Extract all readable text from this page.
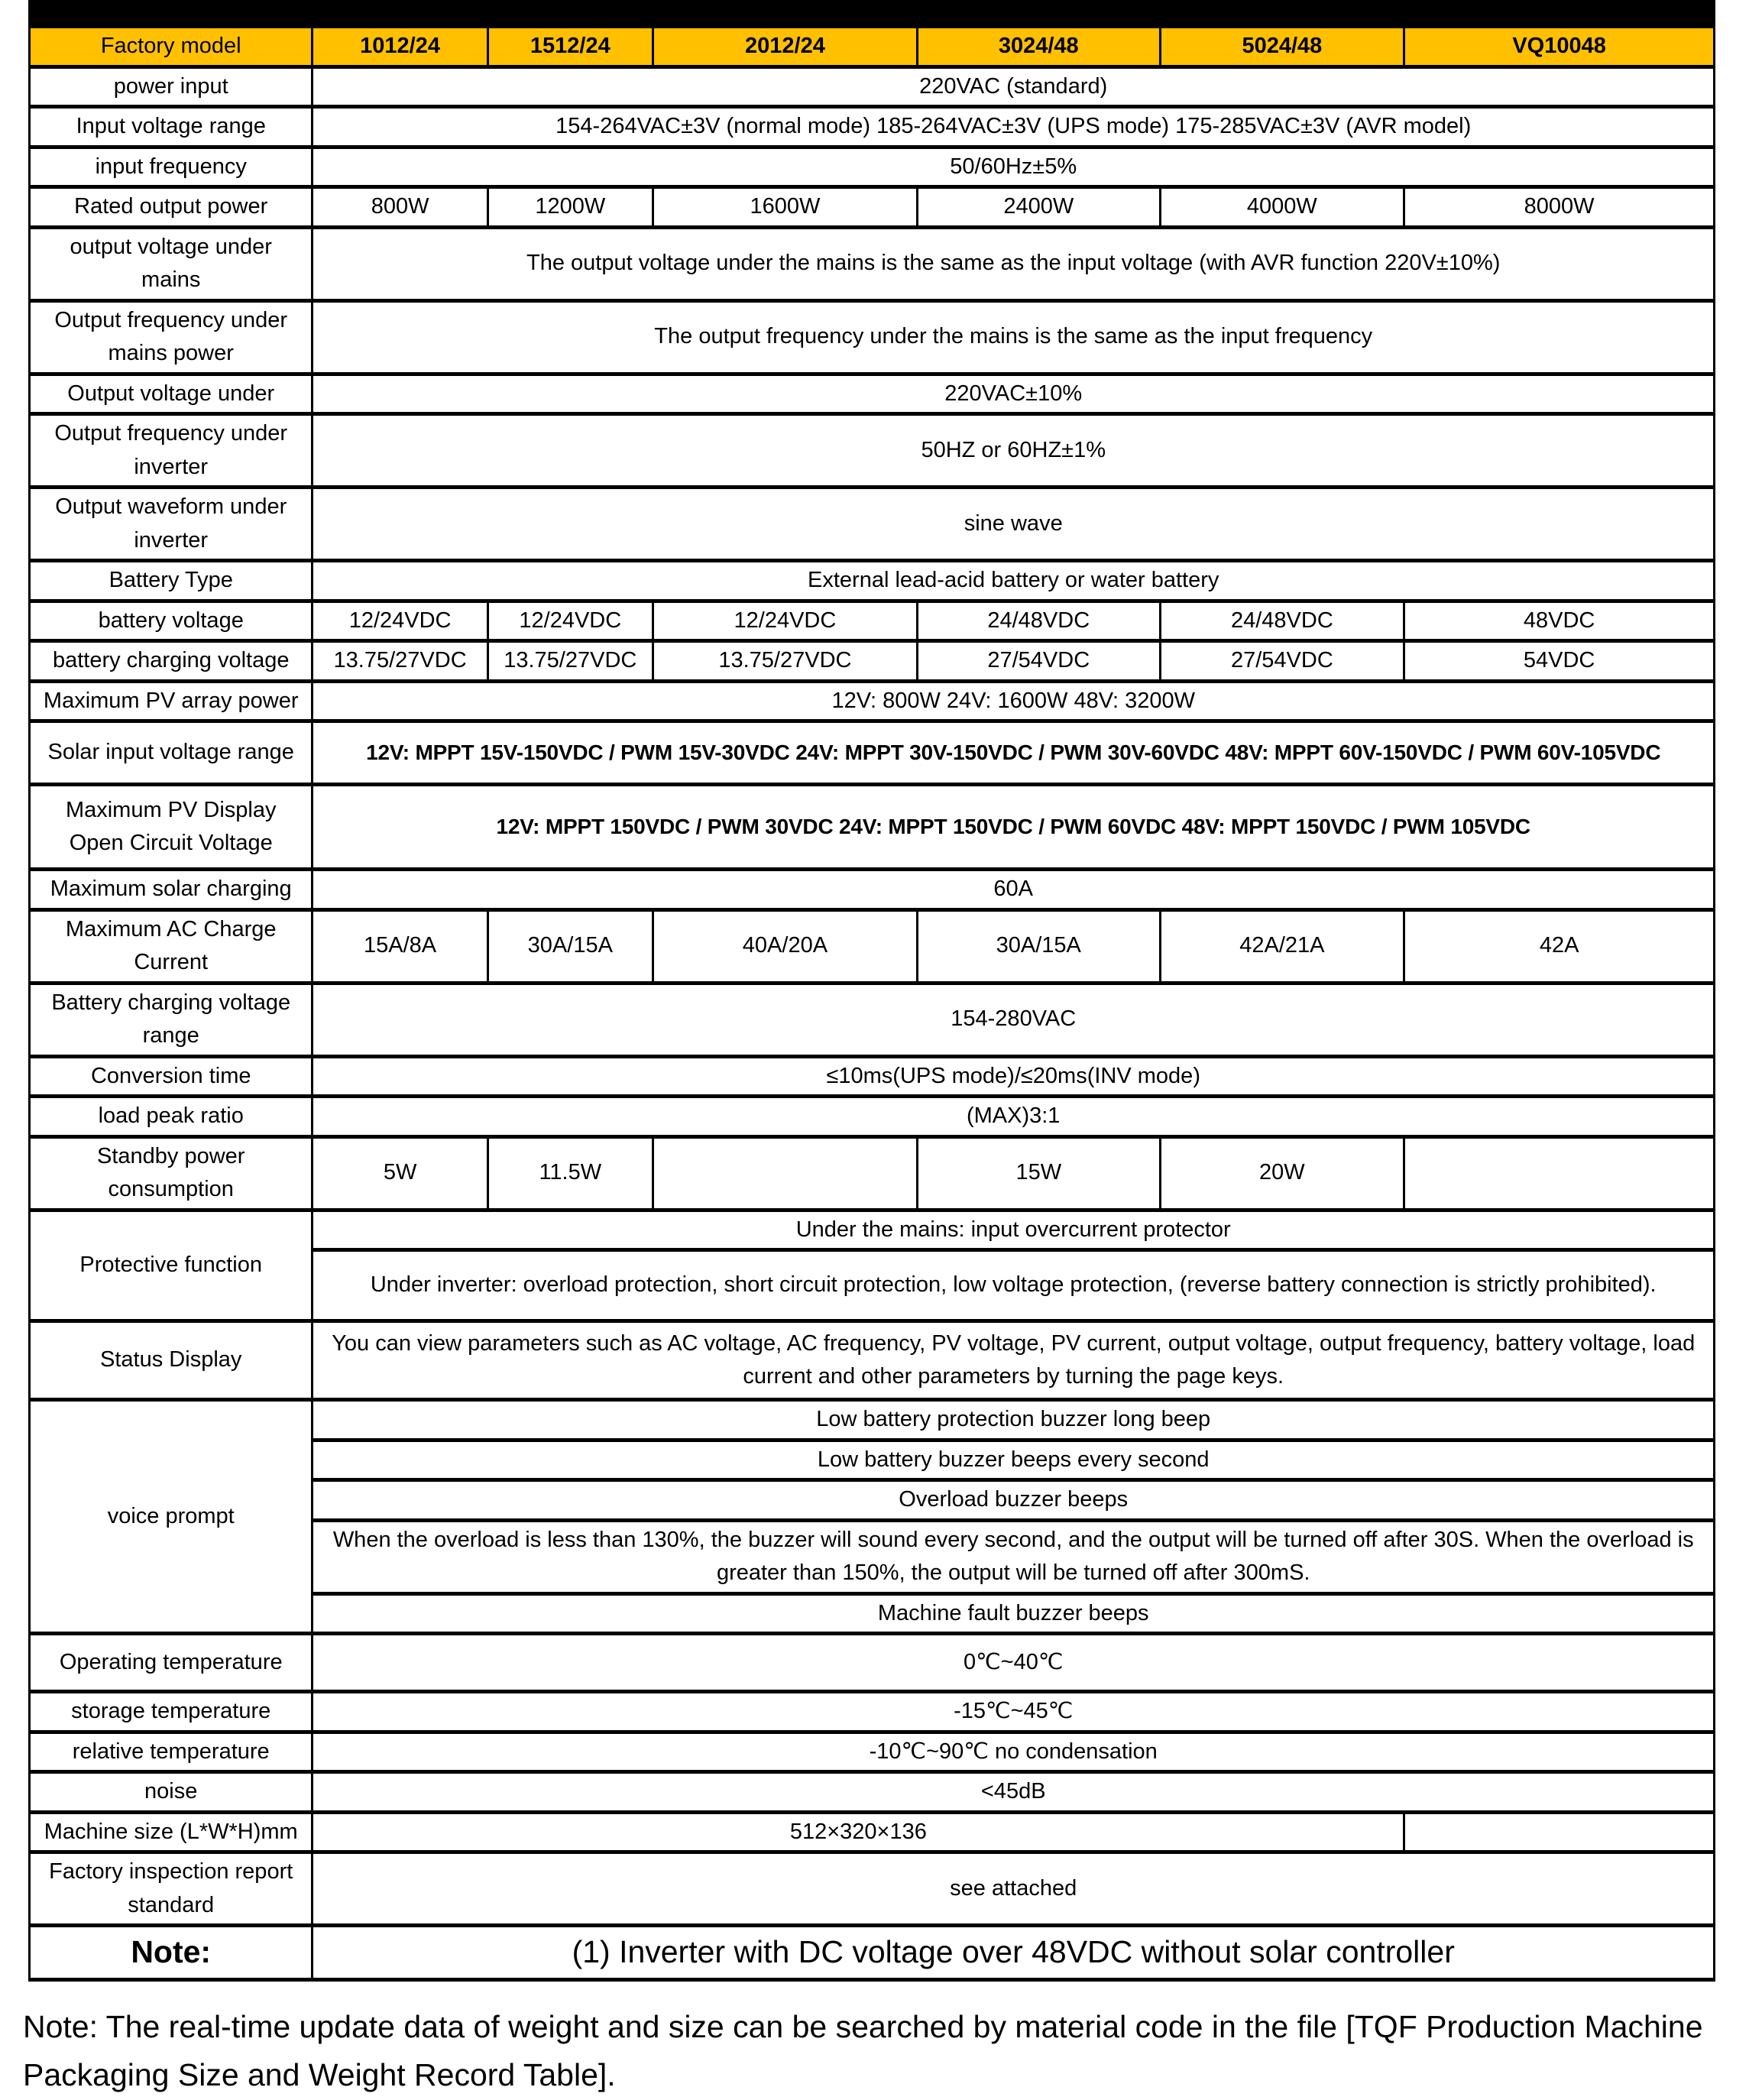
Factory model	1012/24	1512/24	2012/24	3024/48	5024/48	VQ10048
power input	220VAC (standard)					
Input voltage range	154-264VAC±3V (normal mode) 185-264VAC±3V (UPS mode) 175-285VAC±3V (AVR model)					
input frequency	50/60Hz±5%					
Rated output power	800W	1200W	1600W	2400W	4000W	8000W
output voltage under mains	The output voltage under the mains is the same as the input voltage (with AVR function 220V±10%)					
Output frequency under mains power	The output frequency under the mains is the same as the input frequency					
Output voltage under	220VAC±10%					
Output frequency under inverter	50HZ or 60HZ±1%					
Output waveform under inverter	sine wave					
Battery Type	External lead-acid battery or water battery					
battery voltage	12/24VDC	12/24VDC	12/24VDC	24/48VDC	24/48VDC	48VDC
battery charging voltage	13.75/27VDC	13.75/27VDC	13.75/27VDC	27/54VDC	27/54VDC	54VDC
Maximum PV array power	12V: 800W 24V: 1600W 48V: 3200W					
Solar input voltage range	12V: MPPT 15V-150VDC / PWM 15V-30VDC 24V: MPPT 30V-150VDC / PWM 30V-60VDC 48V: MPPT 60V-150VDC / PWM 60V-105VDC					
Maximum PV Display Open Circuit Voltage	12V: MPPT 150VDC / PWM 30VDC 24V: MPPT 150VDC / PWM 60VDC 48V: MPPT 150VDC / PWM 105VDC					
Maximum solar charging	60A					
Maximum AC Charge Current	15A/8A	30A/15A	40A/20A	30A/15A	42A/21A	42A
Battery charging voltage range	154-280VAC					
Conversion time	≤10ms(UPS mode)/≤20ms(INV mode)					
load peak ratio	(MAX)3:1					
Standby power consumption	5W	11.5W		15W	20W	
Protective function	Under the mains: input overcurrent protector					
	Under inverter: overload protection, short circuit protection, low voltage protection, (reverse battery connection is strictly prohibited).					
Status Display	You can view parameters such as AC voltage, AC frequency, PV voltage, PV current, output voltage, output frequency, battery voltage, load current and other parameters by turning the page keys.					
voice prompt	Low battery protection buzzer long beep					
	Low battery buzzer beeps every second					
	Overload buzzer beeps					
	When the overload is less than 130%, the buzzer will sound every second, and the output will be turned off after 30S. When the overload is greater than 150%, the output will be turned off after 300mS.					
	Machine fault buzzer beeps					
Operating temperature	0℃~40℃					
storage temperature	-15℃~45℃					
relative temperature	-10℃~90℃ no condensation					
noise	<45dB					
Machine size (L*W*H)mm	512×320×136					
Factory inspection report standard	see attached					
Note:	(1) Inverter with DC voltage over 48VDC without solar controller					
Note: The real-time update data of weight and size can be searched by material code in the file [TQF Production Machine Packaging Size and Weight Record Table].
